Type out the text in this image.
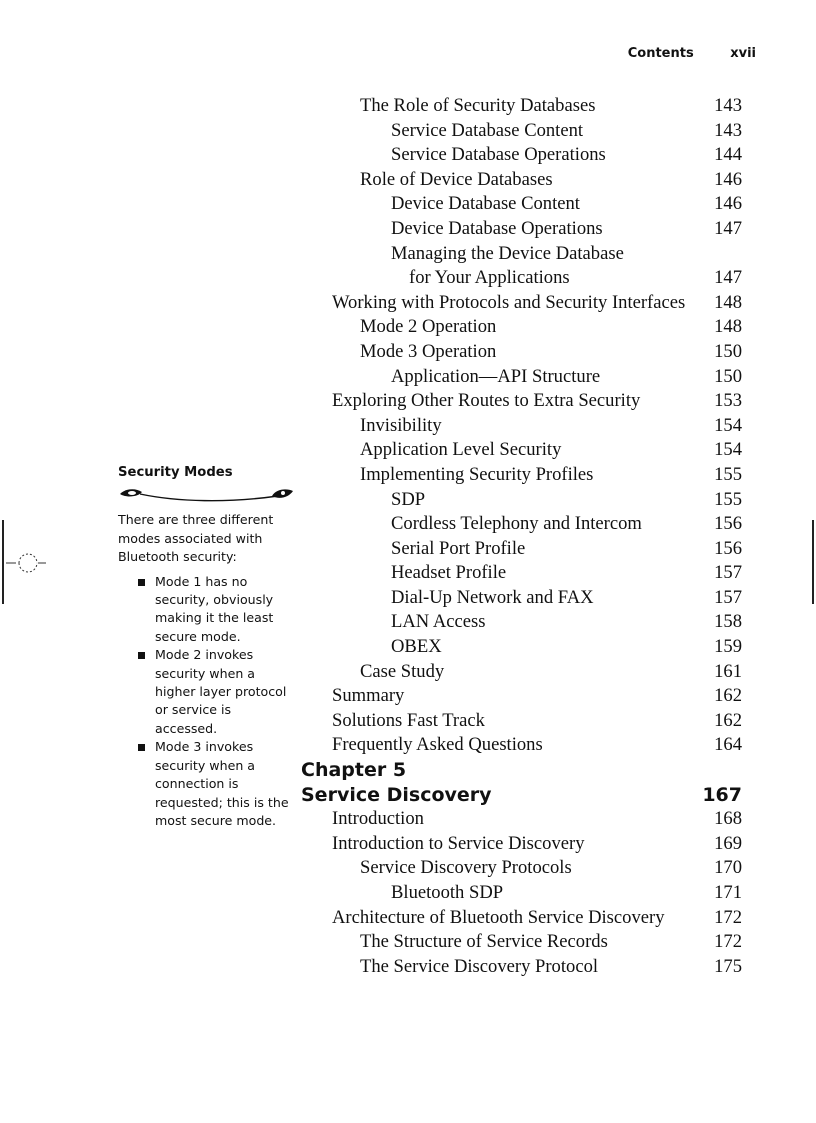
Contents	xvii
Security Modes

There are three different modes associated with Bluetooth security:

Mode 1 has no security, obviously making it the least secure mode.
Mode 2 invokes security when a higher layer protocol or service is accessed.
Mode 3 invokes security when a connection is requested; this is the most secure mode.
The Role of Security Databases	143
Service Database Content	143
Service Database Operations	144
Role of Device Databases	146
Device Database Content	146
Device Database Operations	147
Managing the Device Database
for Your Applications	147
Working with Protocols and Security Interfaces 148
Mode 2 Operation	148
Mode 3 Operation	150
Application—API Structure	150
Exploring Other Routes to Extra Security	153
Invisibility	154
Application Level Security	154
Implementing Security Profiles	155
SDP	155
Cordless Telephony and Intercom	156
Serial Port Profile	156
Headset Profile	157
Dial-Up Network and FAX	157
LAN Access	158
OBEX	159
Case Study	161
Summary	162
Solutions Fast Track	162
Frequently Asked Questions	164
Chapter 5
Service Discovery	167
Introduction	168
Introduction to Service Discovery	169
Service Discovery Protocols	170
Bluetooth SDP	171
Architecture of Bluetooth Service Discovery	172
The Structure of Service Records	172
The Service Discovery Protocol	175
